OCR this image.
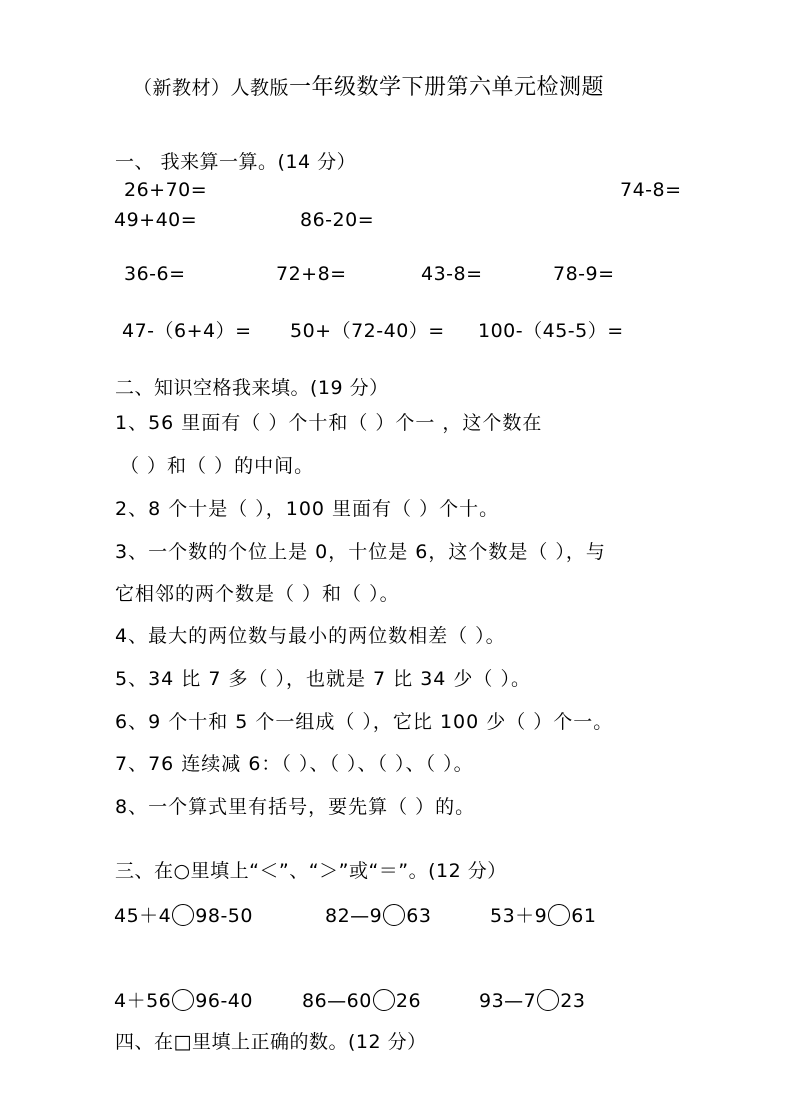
（新教材）人教版一年级数学下册第六单元检测题
一、 我来算一算。(14 分）
26+70=	74-8=
49+40=	86-20=
36-6=	72+8=	43-8=	78-9=
47-（6+4）= 50+（72-40）= 100-（45-5）=
二、知识空格我来填。(19 分）
1、56 里面有（ ）个十和（ ）个一 ，这个数在
（ ）和（ ）的中间。
2、8 个十是（ ），100 里面有（ ）个十。
3、一个数的个位上是 0，十位是 6，这个数是（ ），与
它相邻的两个数是（ ）和（ ）。
4、最大的两位数与最小的两位数相差（ ）。
5、34 比 7 多（ ），也就是 7 比 34 少（ ）。
6、9 个十和 5 个一组成（ ），它比 100 少（ ）个一。
7、76 连续减 6：（ ）、（ ）、（ ）、（ ）。
8、一个算式里有括号，要先算（ ）的。
三、在○里填上“＜”、“＞”或“＝”。(12 分）
45＋4 98-50	82—9 63	53＋9 61
4＋56 96-40	86—60 26	93—7 23
四、在□里填上正确的数。(12 分）
